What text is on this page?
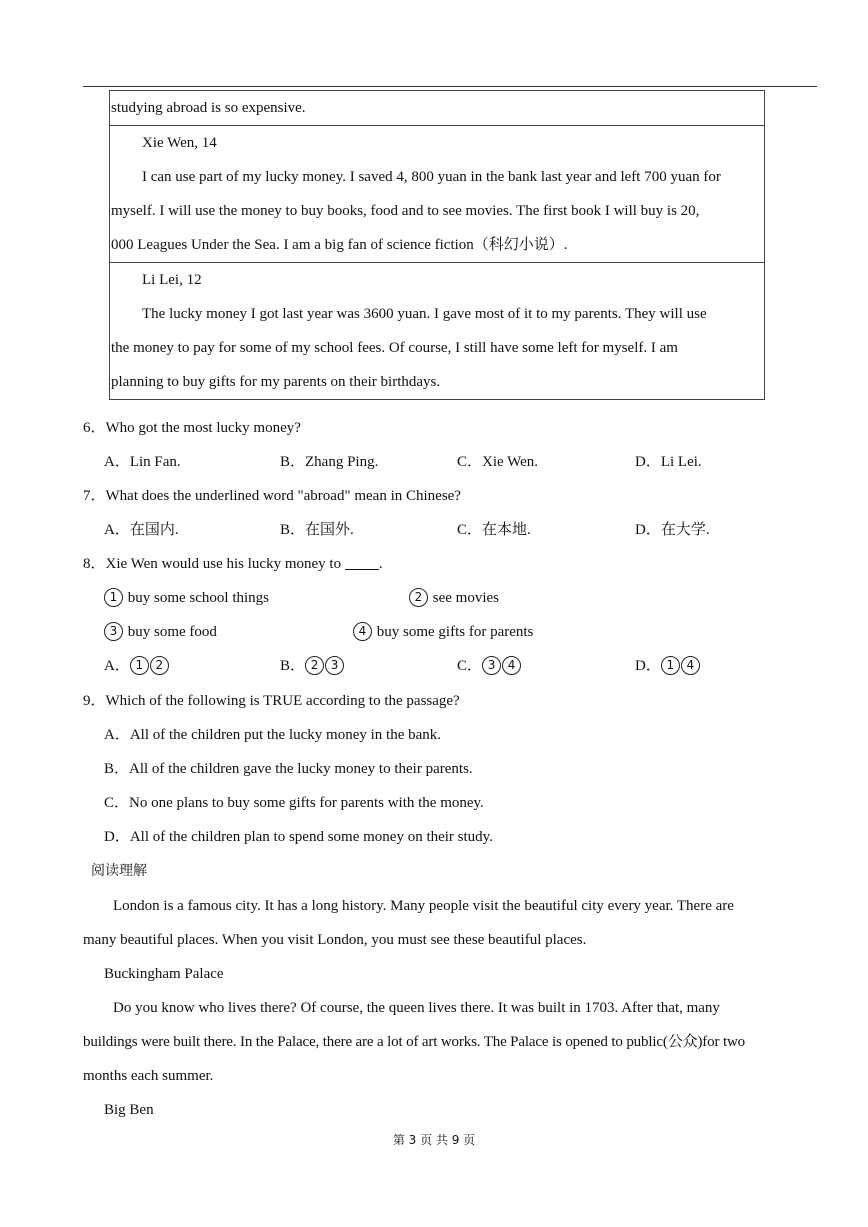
studying abroad is so expensive.
Xie Wen, 14
I can use part of my lucky money. I saved 4, 800 yuan in the bank last year and left 700 yuan for
myself. I will use the money to buy books, food and to see movies. The first book I will buy is 20,
000 Leagues Under the Sea. I am a big fan of science fiction（科幻小说）.
Li Lei, 12
The lucky money I got last year was 3600 yuan. I gave most of it to my parents. They will use
the money to pay for some of my school fees. Of course, I still have some left for myself. I am
planning to buy gifts for my parents on their birthdays.
6．Who got the most lucky money?
A．Lin Fan.	B．Zhang Ping.	C．Xie Wen.	D．Li Lei.
7．What does the underlined word "abroad" mean in Chinese?
A．在国内.	B．在国外.	C．在本地.	D．在大学.
8．Xie Wen would use his lucky money to .
1 buy some school things	2 see movies
3 buy some food	4 buy some gifts for parents
A． 1 2	B． 2 3	C． 3 4	D． 1 4
9．Which of the following is TRUE according to the passage?
A．All of the children put the lucky money in the bank.
B．All of the children gave the lucky money to their parents.
C．No one plans to buy some gifts for parents with the money.
D．All of the children plan to spend some money on their study.
阅读理解
London is a famous city. It has a long history. Many people visit the beautiful city every year. There are
many beautiful places. When you visit London, you must see these beautiful places.
Buckingham Palace
Do you know who lives there? Of course, the queen lives there. It was built in 1703. After that, many
buildings were built there. In the Palace, there are a lot of art works. The Palace is opened to public(公众)for two
months each summer.
Big Ben
第 3 页 共 9 页
